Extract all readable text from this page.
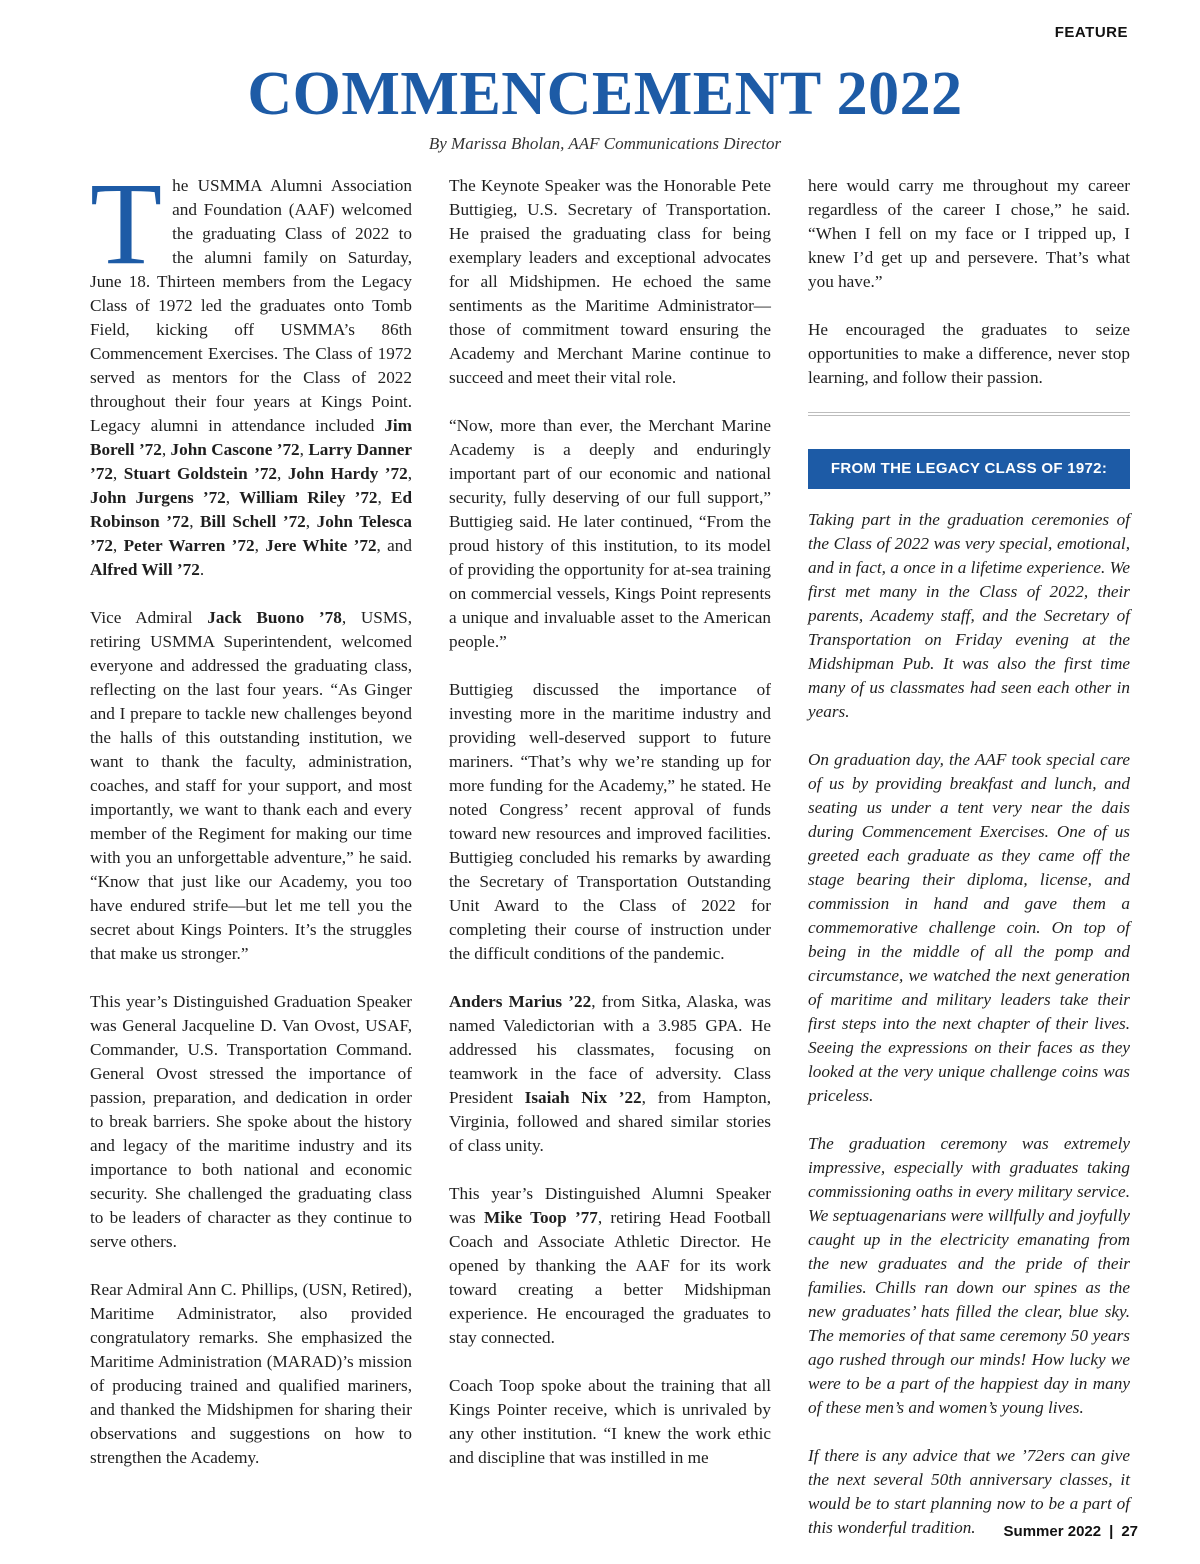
FEATURE
COMMENCEMENT 2022
By Marissa Bholan, AAF Communications Director
T he USMMA Alumni Association and Foundation (AAF) welcomed the graduating Class of 2022 to the alumni family on Saturday, June 18. Thirteen members from the Legacy Class of 1972 led the graduates onto Tomb Field, kicking off USMMA’s 86th Commencement Exercises. The Class of 1972 served as mentors for the Class of 2022 throughout their four years at Kings Point. Legacy alumni in attendance included Jim Borell ’72, John Cascone ’72, Larry Danner ’72, Stuart Goldstein ’72, John Hardy ’72, John Jurgens ’72, William Riley ’72, Ed Robinson ’72, Bill Schell ’72, John Telesca ’72, Peter Warren ’72, Jere White ’72, and Alfred Will ’72.

Vice Admiral Jack Buono ’78, USMS, retiring USMMA Superintendent, welcomed everyone and addressed the graduating class, reflecting on the last four years. “As Ginger and I prepare to tackle new challenges beyond the halls of this outstanding institution, we want to thank the faculty, administration, coaches, and staff for your support, and most importantly, we want to thank each and every member of the Regiment for making our time with you an unforgettable adventure,” he said. “Know that just like our Academy, you too have endured strife—but let me tell you the secret about Kings Pointers. It’s the struggles that make us stronger.”

This year’s Distinguished Graduation Speaker was General Jacqueline D. Van Ovost, USAF, Commander, U.S. Transportation Command. General Ovost stressed the importance of passion, preparation, and dedication in order to break barriers. She spoke about the history and legacy of the maritime industry and its importance to both national and economic security. She challenged the graduating class to be leaders of character as they continue to serve others.

Rear Admiral Ann C. Phillips, (USN, Retired), Maritime Administrator, also provided congratulatory remarks. She emphasized the Maritime Administration (MARAD)’s mission of producing trained and qualified mariners, and thanked the Midshipmen for sharing their observations and suggestions on how to strengthen the Academy.

The Keynote Speaker was the Honorable Pete Buttigieg, U.S. Secretary of Transportation. He praised the graduating class for being exemplary leaders and exceptional advocates for all Midshipmen. He echoed the same sentiments as the Maritime Administrator—those of commitment toward ensuring the Academy and Merchant Marine continue to succeed and meet their vital role.

“Now, more than ever, the Merchant Marine Academy is a deeply and enduringly important part of our economic and national security, fully deserving of our full support,” Buttigieg said. He later continued, “From the proud history of this institution, to its model of providing the opportunity for at-sea training on commercial vessels, Kings Point represents a unique and invaluable asset to the American people.”

Buttigieg discussed the importance of investing more in the maritime industry and providing well-deserved support to future mariners. “That’s why we’re standing up for more funding for the Academy,” he stated. He noted Congress’ recent approval of funds toward new resources and improved facilities. Buttigieg concluded his remarks by awarding the Secretary of Transportation Outstanding Unit Award to the Class of 2022 for completing their course of instruction under the difficult conditions of the pandemic.

Anders Marius ’22, from Sitka, Alaska, was named Valedictorian with a 3.985 GPA. He addressed his classmates, focusing on teamwork in the face of adversity. Class President Isaiah Nix ’22, from Hampton, Virginia, followed and shared similar stories of class unity.

This year’s Distinguished Alumni Speaker was Mike Toop ’77, retiring Head Football Coach and Associate Athletic Director. He opened by thanking the AAF for its work toward creating a better Midshipman experience. He encouraged the graduates to stay connected.

Coach Toop spoke about the training that all Kings Pointer receive, which is unrivaled by any other institution. “I knew the work ethic and discipline that was instilled in me

here would carry me throughout my career regardless of the career I chose,” he said. “When I fell on my face or I tripped up, I knew I’d get up and persevere. That’s what you have.”

He encouraged the graduates to seize opportunities to make a difference, never stop learning, and follow their passion.

FROM THE LEGACY CLASS OF 1972:

Taking part in the graduation ceremonies of the Class of 2022 was very special, emotional, and in fact, a once in a lifetime experience. We first met many in the Class of 2022, their parents, Academy staff, and the Secretary of Transportation on Friday evening at the Midshipman Pub. It was also the first time many of us classmates had seen each other in years.

On graduation day, the AAF took special care of us by providing breakfast and lunch, and seating us under a tent very near the dais during Commencement Exercises. One of us greeted each graduate as they came off the stage bearing their diploma, license, and commission in hand and gave them a commemorative challenge coin. On top of being in the middle of all the pomp and circumstance, we watched the next generation of maritime and military leaders take their first steps into the next chapter of their lives. Seeing the expressions on their faces as they looked at the very unique challenge coins was priceless.

The graduation ceremony was extremely impressive, especially with graduates taking commissioning oaths in every military service. We septuagenarians were willfully and joyfully caught up in the electricity emanating from the new graduates and the pride of their families. Chills ran down our spines as the new graduates’ hats filled the clear, blue sky. The memories of that same ceremony 50 years ago rushed through our minds! How lucky we were to be a part of the happiest day in many of these men’s and women’s young lives.

If there is any advice that we ’72ers can give the next several 50th anniversary classes, it would be to start planning now to be a part of this wonderful tradition.	Summer 2022 | 27
